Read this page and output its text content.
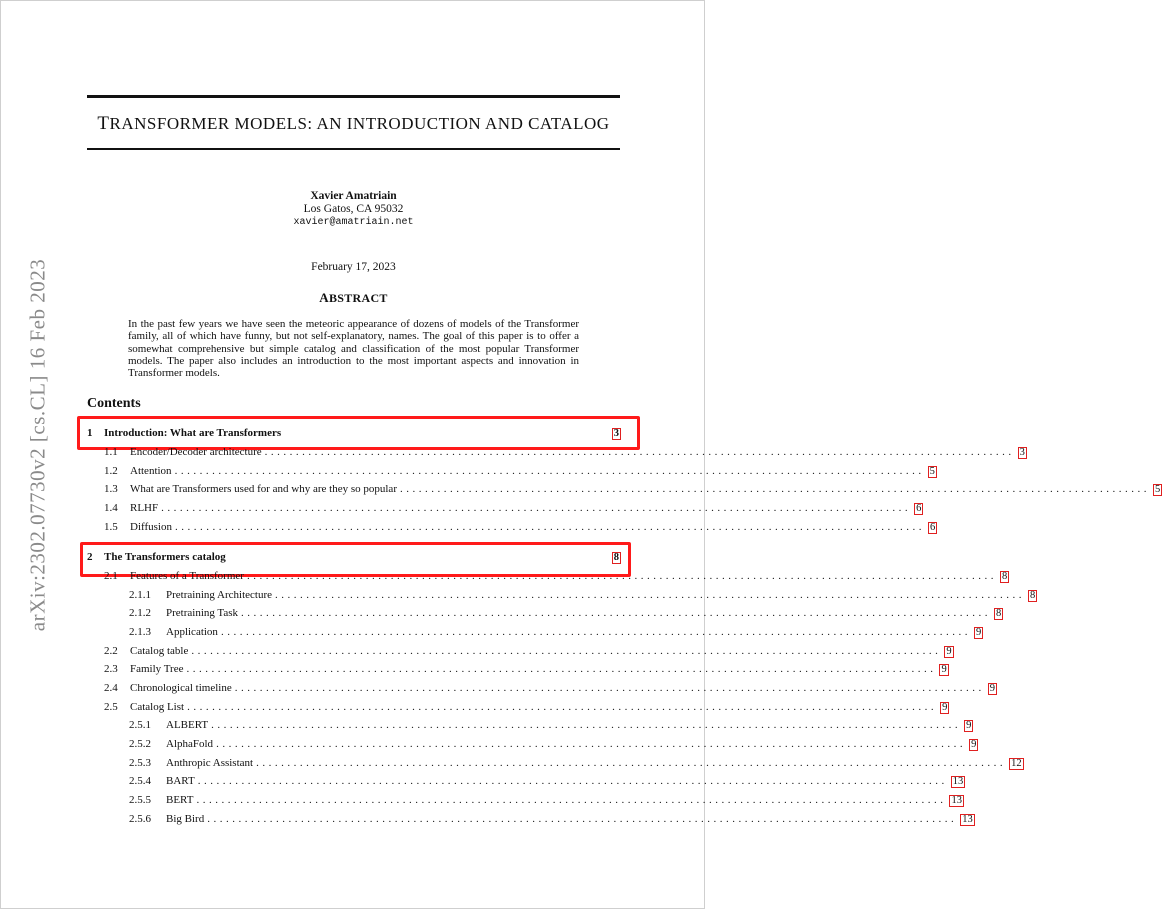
TRANSFORMER MODELS: AN INTRODUCTION AND CATALOG
Xavier Amatriain
Los Gatos, CA 95032
xavier@amatriain.net
February 17, 2023
ABSTRACT
In the past few years we have seen the meteoric appearance of dozens of models of the Transformer family, all of which have funny, but not self-explanatory, names. The goal of this paper is to offer a somewhat comprehensive but simple catalog and classification of the most popular Transformer models. The paper also includes an introduction to the most important aspects and innovation in Transformer models.
arXiv:2302.07730v2 [cs.CL] 16 Feb 2023	Contents
1	Introduction: What are Transformers	3
1.1	Encoder/Decoder architecture ........................................................................................................................ 3
1.2	Attention ........................................................................................................................ 5
1.3	What are Transformers used for and why are they so popular ........................................................................................................................ 5
1.4	RLHF ........................................................................................................................ 6
1.5	Diffusion ........................................................................................................................ 6
2	The Transformers catalog	8
2.1	Features of a Transformer ........................................................................................................................ 8
2.1.1	Pretraining Architecture ........................................................................................................................ 8
2.1.2	Pretraining Task ........................................................................................................................ 8
2.1.3	Application ........................................................................................................................ 9
2.2	Catalog table ........................................................................................................................ 9
2.3	Family Tree ........................................................................................................................ 9
2.4	Chronological timeline ........................................................................................................................ 9
2.5	Catalog List ........................................................................................................................ 9
2.5.1	ALBERT ........................................................................................................................ 9
2.5.2	AlphaFold ........................................................................................................................ 9
2.5.3	Anthropic Assistant ........................................................................................................................ 12
2.5.4	BART ........................................................................................................................ 13
2.5.5	BERT ........................................................................................................................ 13
2.5.6	Big Bird ........................................................................................................................ 13
